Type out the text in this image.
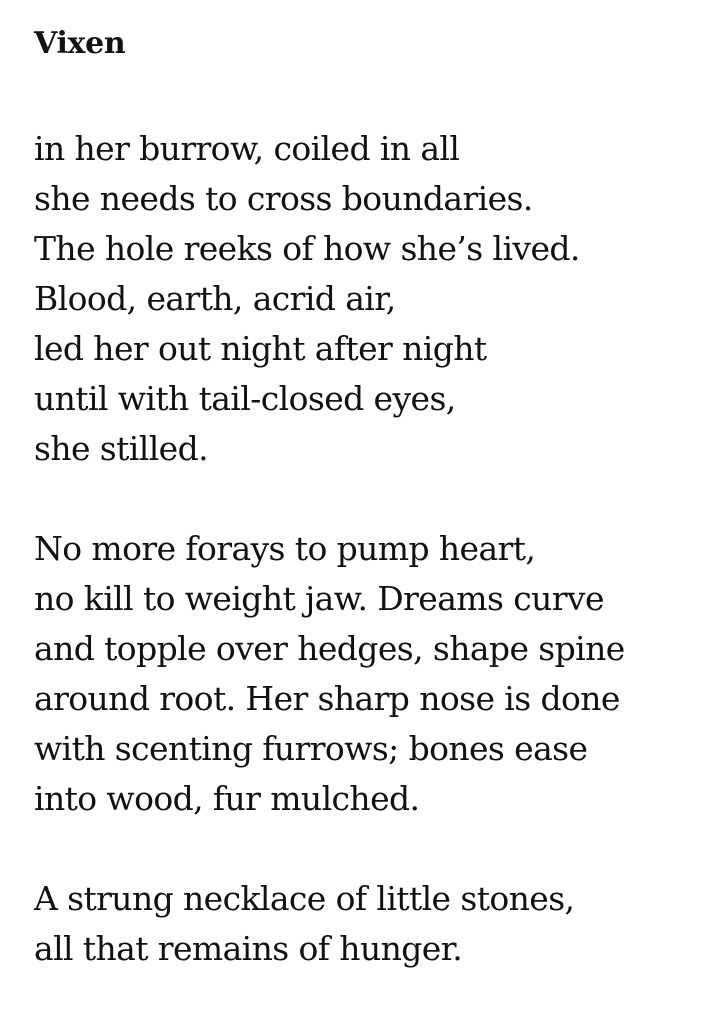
Vixen
in her burrow, coiled in all
she needs to cross boundaries.
The hole reeks of how she’s lived.
Blood, earth, acrid air,
led her out night after night
until with tail-closed eyes,
she stilled.
No more forays to pump heart,
no kill to weight jaw. Dreams curve
and topple over hedges, shape spine
around root. Her sharp nose is done
with scenting furrows; bones ease
into wood, fur mulched.
A strung necklace of little stones,
all that remains of hunger.
